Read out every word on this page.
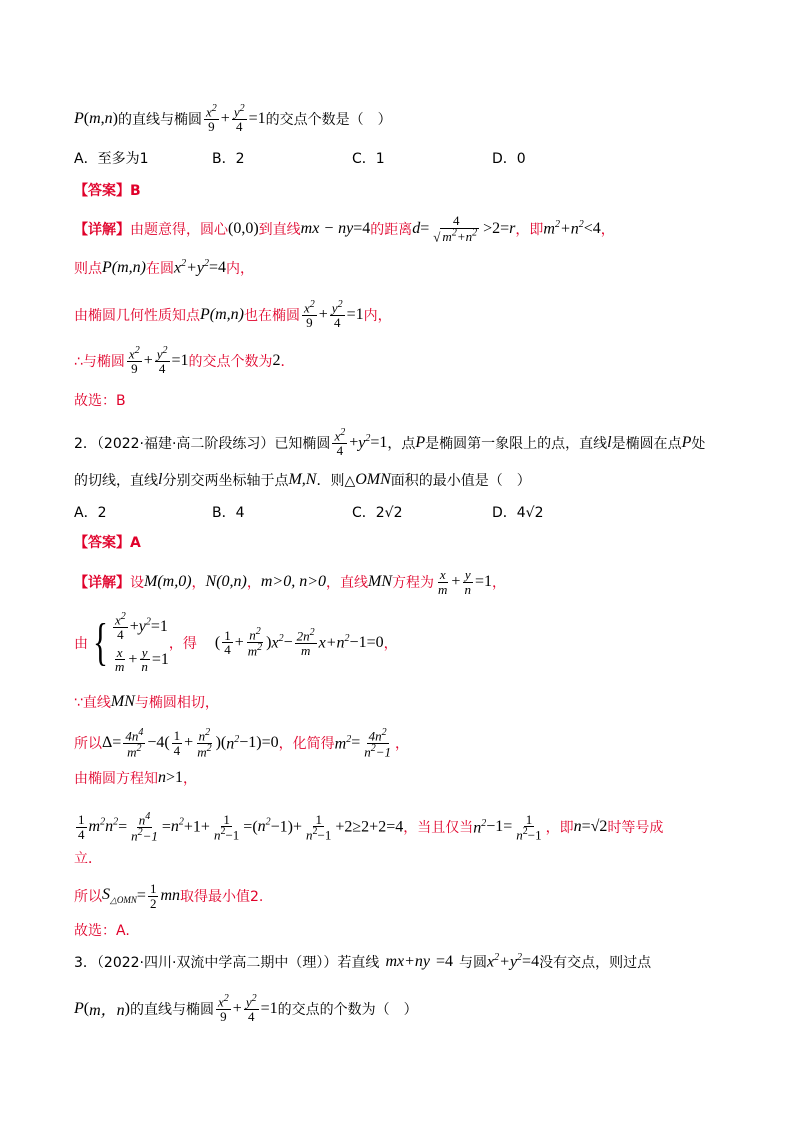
P ( m , n ) 的直线与椭圆 $\frac{x^2}{9} + \frac{y^2}{4} =1$ 的交点个数是（　）
A．至多为1	B．2	C．1	D．0
【答案】B
【详解】 由题意得，圆心 (0,0) 到直线 mx − ny =4 的距离 $d = \frac{4}{√ m^2+n^2} >2= r$ ，即 $m^2+n^2 <4$ ，
则点 P(m,n) 在圆 $x^2+y^2 =4$ 内，
由椭圆几何性质知点 P(m,n) 也在椭圆 $\frac{x^2}{9} + \frac{y^2}{4} =1$ 内，
∴与椭圆 $\frac{x^2}{9} + \frac{y^2}{4} =1$ 的交点个数为 2 ．
故选：B
2．（2022·福建·高二阶段练习）已知椭圆 $\frac{x^2}{4} + y^2 =1$ ，点 P 是椭圆第一象限上的点，直线 l 是椭圆在点 P 处
的切线，直线 l 分别交两坐标轴于点 M,N ．则△ OMN 面积的最小值是（　）
A．2	B．4	C．2√2	D．4√2
【答案】A
【详解】 设 M(m,0) ， N(0,n) ， m>0, n>0 ，直线 MN 方程为 $\frac{x}{m} + \frac{y}{n} =1$ ，
由 { $\frac{x^2}{4} +y^2=1$
$\frac{x}{m} + \frac{y}{n} =1$
，得 ( $\frac{1}{4} + \frac{n^2}{m^2}$ ) $x^2 - \frac{2n^2}{m} x+n^2 -1=0$ ，
∵直线 MN 与椭圆相切，
所以 $\Delta= \frac{4n^4}{m^2} -4( \frac{1}{4} + \frac{n^2}{m^2}$ )( $n^2 -1)=0$ ，化简得 $m^2 = \frac{4n^2}{n^2-1}$ ，
由椭圆方程知 n >1 ，
$\frac{1}{4} m^2n^2= \frac{n^4}{n^2-1} =n^2+1+ \frac{1}{n^2-1} =(n^2-1)+ \frac{1}{n^2-1} +2\ge 2+2=4$ ，当且仅当 $n^2 -1= \frac{1}{n^2-1}$ ，即 n =√2 时等号成
立．
所以 $S_{\triangle OMN} = \frac{1}{2}$ mn 取得最小值2.
故选：A.
3．（2022·四川·双流中学高二期中（理））若直线 mx+ny =4 与圆 $x^2+y^2 =4$ 没有交点，则过点
P ( m，n ) 的直线与椭圆 $\frac{x^2}{9} + \frac{y^2}{4} =1$ 的交点的个数为（　）
